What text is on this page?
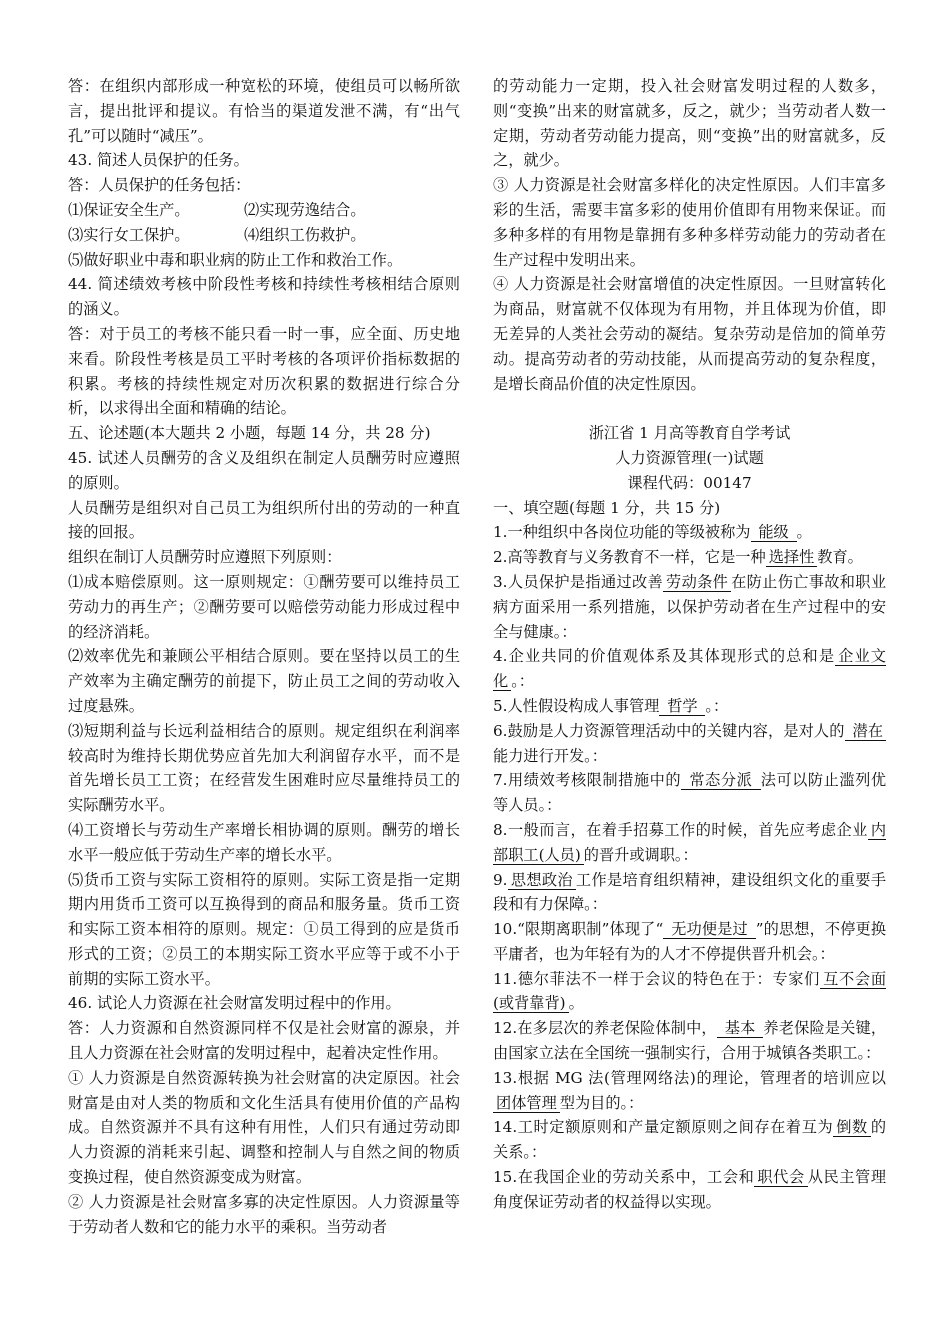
答：在组织内部形成一种宽松的环境，使组员可以畅所欲言，提出批评和提议。有恰当的渠道发泄不满，有“出气孔”可以随时“减压”。

43. 简述人员保护的任务。

答：人员保护的任务包括：

⑴保证安全生产。	⑵实现劳逸结合。
⑶实行女工保护。	⑷组织工伤救护。

⑸做好职业中毒和职业病的防止工作和救治工作。

44. 简述绩效考核中阶段性考核和持续性考核相结合原则的涵义。

答：对于员工的考核不能只看一时一事，应全面、历史地来看。阶段性考核是员工平时考核的各项评价指标数据的积累。考核的持续性规定对历次积累的数据进行综合分析，以求得出全面和精确的结论。

五、论述题(本大题共 2 小题，每题 14 分，共 28 分)

45. 试述人员酬劳的含义及组织在制定人员酬劳时应遵照的原则。

人员酬劳是组织对自己员工为组织所付出的劳动的一种直接的回报。

组织在制订人员酬劳时应遵照下列原则：

⑴成本赔偿原则。这一原则规定：①酬劳要可以维持员工劳动力的再生产；②酬劳要可以赔偿劳动能力形成过程中的经济消耗。

⑵效率优先和兼顾公平相结合原则。要在坚持以员工的生产效率为主确定酬劳的前提下，防止员工之间的劳动收入过度悬殊。

⑶短期利益与长远利益相结合的原则。规定组织在利润率较高时为维持长期优势应首先加大利润留存水平，而不是首先增长员工工资；在经营发生困难时应尽量维持员工的实际酬劳水平。

⑷工资增长与劳动生产率增长相协调的原则。酬劳的增长水平一般应低于劳动生产率的增长水平。

⑸货币工资与实际工资相符的原则。实际工资是指一定期期内用货币工资可以互换得到的商品和服务量。货币工资和实际工资本相符的原则。规定：①员工得到的应是货币形式的工资；②员工的本期实际工资水平应等于或不小于前期的实际工资水平。

46. 试论人力资源在社会财富发明过程中的作用。

答：人力资源和自然资源同样不仅是社会财富的源泉，并且人力资源在社会财富的发明过程中，起着决定性作用。

① 人力资源是自然资源转换为社会财富的决定原因。社会财富是由对人类的物质和文化生活具有使用价值的产品构成。自然资源并不具有这种有用性，人们只有通过劳动即人力资源的消耗来引起、调整和控制人与自然之间的物质变换过程，使自然资源变成为财富。

② 人力资源是社会财富多寡的决定性原因。人力资源量等于劳动者人数和它的能力水平的乘积。当劳动者

的劳动能力一定期，投入社会财富发明过程的人数多，则“变换”出来的财富就多，反之，就少；当劳动者人数一定期，劳动者劳动能力提高，则“变换”出的财富就多，反之，就少。

③ 人力资源是社会财富多样化的决定性原因。人们丰富多彩的生活，需要丰富多彩的使用价值即有用物来保证。而多种多样的有用物是靠拥有多种多样劳动能力的劳动者在生产过程中发明出来。

④ 人力资源是社会财富增值的决定性原因。一旦财富转化为商品，财富就不仅体现为有用物，并且体现为价值，即无差异的人类社会劳动的凝结。复杂劳动是倍加的简单劳动。提高劳动者的劳动技能，从而提高劳动的复杂程度，是增长商品价值的决定性原因。

浙江省 1 月高等教育自学考试

人力资源管理(一)试题

课程代码：00147

一、填空题(每题 1 分，共 15 分)

1.一种组织中各岗位功能的等级被称为 能级 。

2.高等教育与义务教育不一样，它是一种 选择性 教育。

3.人员保护是指通过改善 劳动条件 在防止伤亡事故和职业病方面采用一系列措施，以保护劳动者在生产过程中的安全与健康。：

4.企业共同的价值观体系及其体现形式的总和是 企业文化 。：

5.人性假设构成人事管理 哲学 。：

6.鼓励是人力资源管理活动中的关键内容，是对人的 潜在 能力进行开发。：

7.用绩效考核限制措施中的 常态分派 法可以防止滥列优等人员。：

8.一般而言，在着手招募工作的时候，首先应考虑企业 内部职工(人员) 的晋升或调职。：

9. 思想政治 工作是培育组织精神，建设组织文化的重要手段和有力保障。：

10.“限期离职制”体现了“ 无功便是过 ”的思想，不停更换平庸者，也为年轻有为的人才不停提供晋升机会。：

11.德尔菲法不一样于会议的特色在于：专家们 互不会面(或背靠背) 。

12.在多层次的养老保险体制中， 基本 养老保险是关键，由国家立法在全国统一强制实行，合用于城镇各类职工。：

13.根据 MG 法(管理网络法)的理论，管理者的培训应以团体管理 型为目的。：

14.工时定额原则和产量定额原则之间存在着互为 倒数 的关系。：

15.在我国企业的劳动关系中，工会和 职代会 从民主管理角度保证劳动者的权益得以实现。
